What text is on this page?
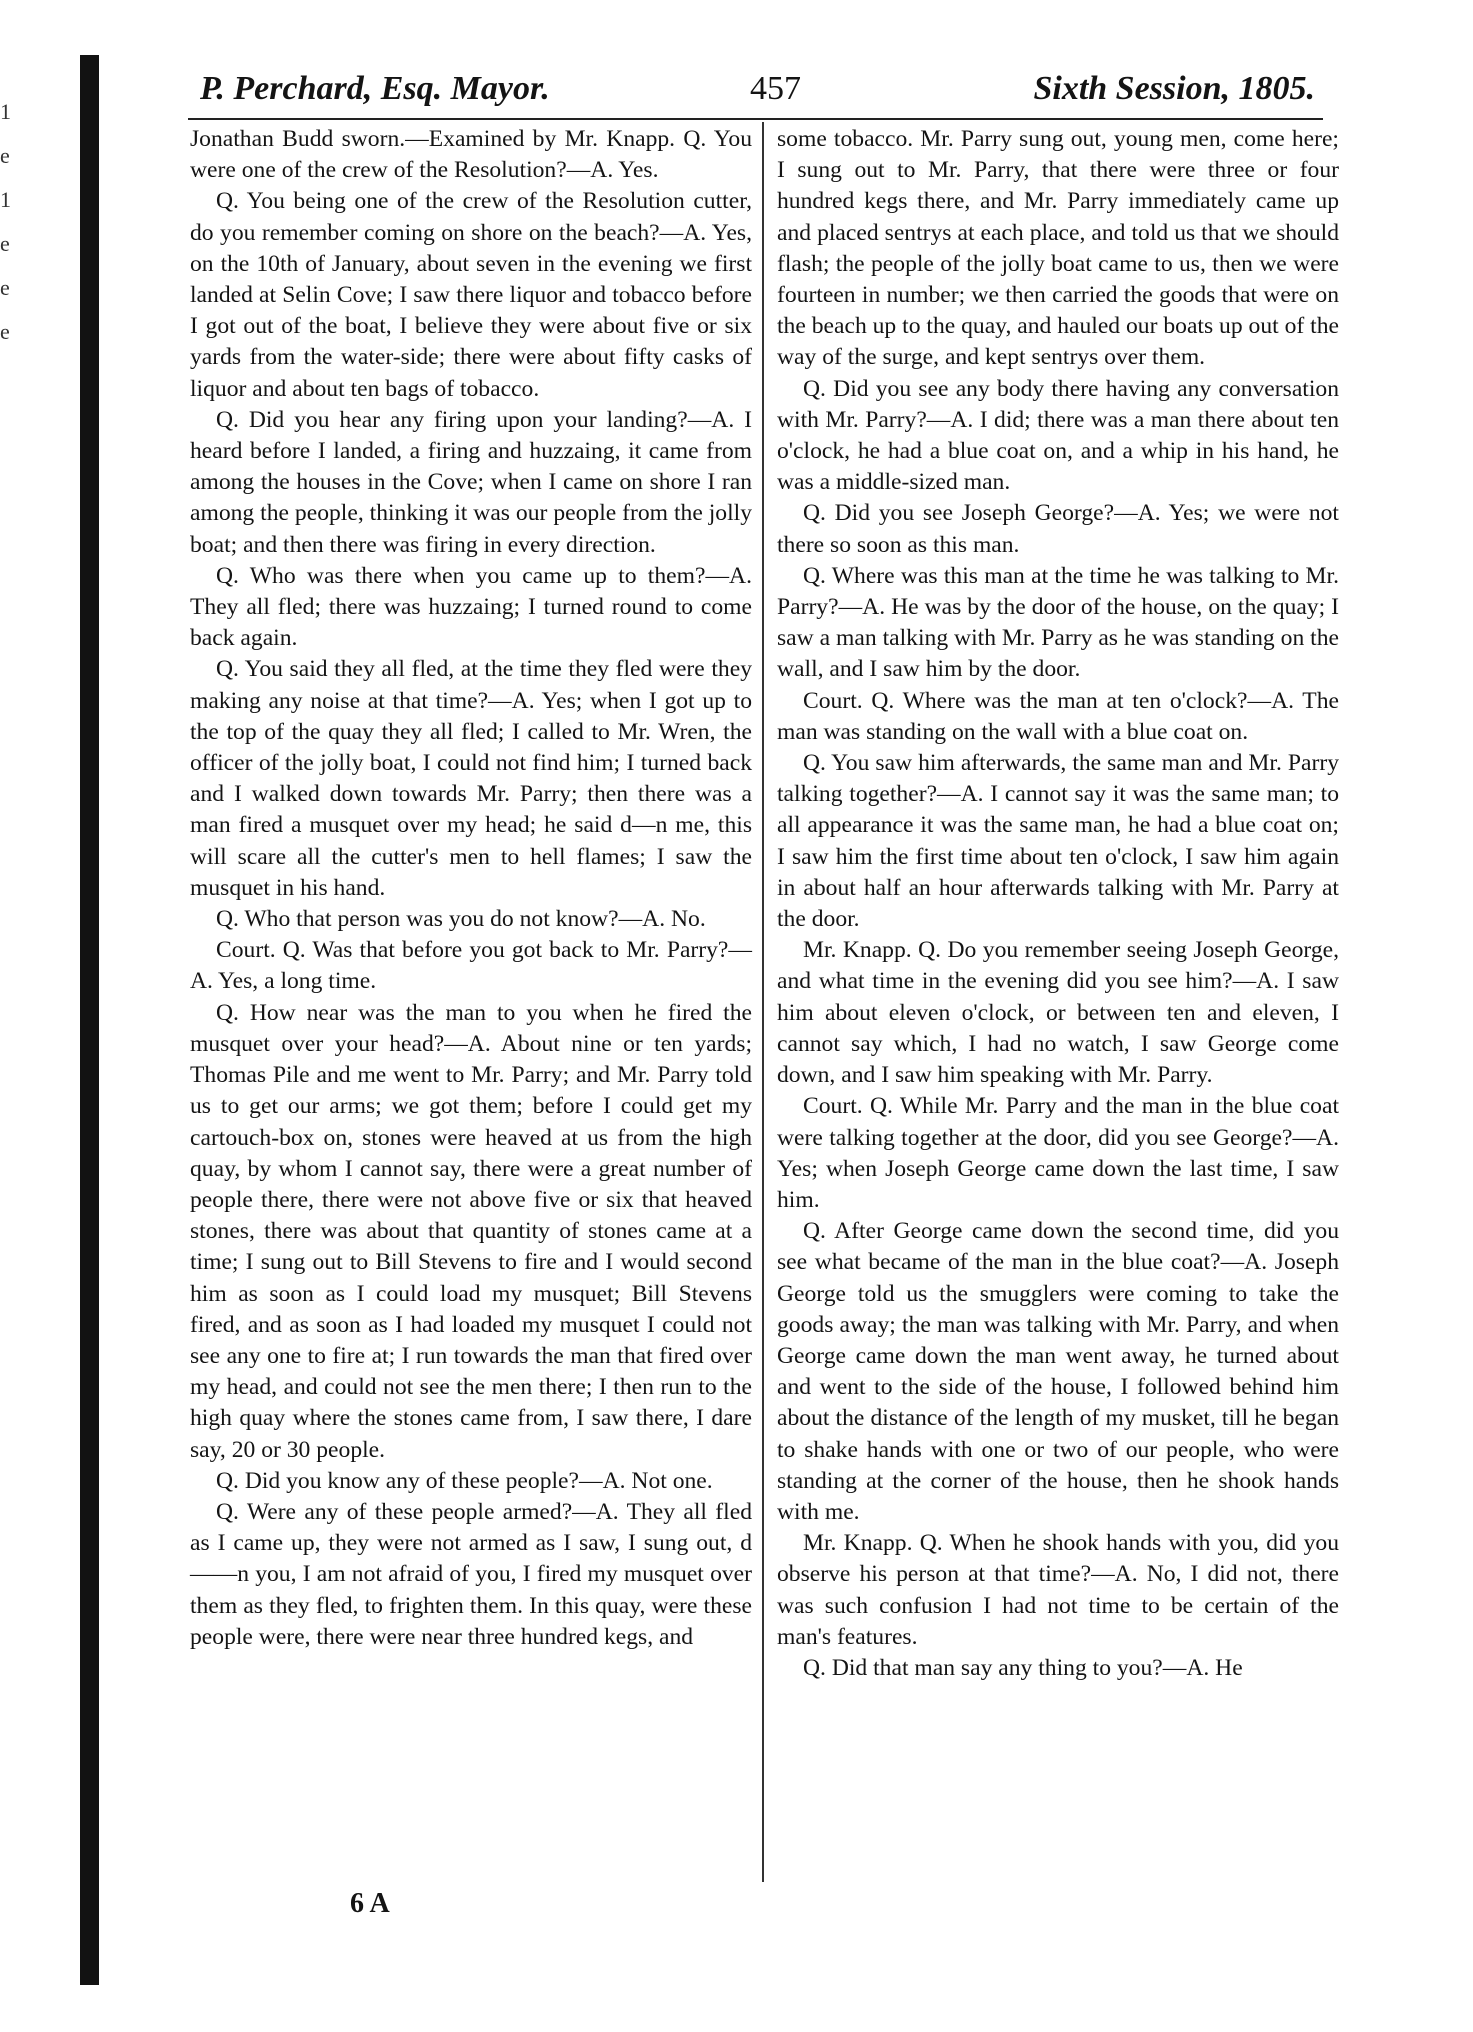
1
e
1
e
e
e
P. Perchard, Esq. Mayor.	457	Sixth Session, 1805.

Jonathan Budd sworn.—Examined by Mr. Knapp. Q. You were one of the crew of the Resolution?—A. Yes.

Q. You being one of the crew of the Resolution cutter, do you remember coming on shore on the beach?—A. Yes, on the 10th of January, about seven in the evening we first landed at Selin Cove; I saw there liquor and tobacco before I got out of the boat, I believe they were about five or six yards from the water-side; there were about fifty casks of liquor and about ten bags of tobacco.

Q. Did you hear any firing upon your landing?—A. I heard before I landed, a firing and huzzaing, it came from among the houses in the Cove; when I came on shore I ran among the people, thinking it was our people from the jolly boat; and then there was firing in every direction.

Q. Who was there when you came up to them?—A. They all fled; there was huzzaing; I turned round to come back again.

Q. You said they all fled, at the time they fled were they making any noise at that time?—A. Yes; when I got up to the top of the quay they all fled; I called to Mr. Wren, the officer of the jolly boat, I could not find him; I turned back and I walked down towards Mr. Parry; then there was a man fired a musquet over my head; he said d—n me, this will scare all the cutter's men to hell flames; I saw the musquet in his hand.

Q. Who that person was you do not know?—A. No.

Court. Q. Was that before you got back to Mr. Parry?—A. Yes, a long time.

Q. How near was the man to you when he fired the musquet over your head?—A. About nine or ten yards; Thomas Pile and me went to Mr. Parry; and Mr. Parry told us to get our arms; we got them; before I could get my cartouch-box on, stones were heaved at us from the high quay, by whom I cannot say, there were a great number of people there, there were not above five or six that heaved stones, there was about that quantity of stones came at a time; I sung out to Bill Stevens to fire and I would second him as soon as I could load my musquet; Bill Stevens fired, and as soon as I had loaded my musquet I could not see any one to fire at; I run towards the man that fired over my head, and could not see the men there; I then run to the high quay where the stones came from, I saw there, I dare say, 20 or 30 people.

Q. Did you know any of these people?—A. Not one.

Q. Were any of these people armed?—A. They all fled as I came up, they were not armed as I saw, I sung out, d——n you, I am not afraid of you, I fired my musquet over them as they fled, to frighten them. In this quay, were these people were, there were near three hundred kegs, and

some tobacco. Mr. Parry sung out, young men, come here; I sung out to Mr. Parry, that there were three or four hundred kegs there, and Mr. Parry immediately came up and placed sentrys at each place, and told us that we should flash; the people of the jolly boat came to us, then we were fourteen in number; we then carried the goods that were on the beach up to the quay, and hauled our boats up out of the way of the surge, and kept sentrys over them.

Q. Did you see any body there having any conversation with Mr. Parry?—A. I did; there was a man there about ten o'clock, he had a blue coat on, and a whip in his hand, he was a middle-sized man.

Q. Did you see Joseph George?—A. Yes; we were not there so soon as this man.

Q. Where was this man at the time he was talking to Mr. Parry?—A. He was by the door of the house, on the quay; I saw a man talking with Mr. Parry as he was standing on the wall, and I saw him by the door.

Court. Q. Where was the man at ten o'clock?—A. The man was standing on the wall with a blue coat on.

Q. You saw him afterwards, the same man and Mr. Parry talking together?—A. I cannot say it was the same man; to all appearance it was the same man, he had a blue coat on; I saw him the first time about ten o'clock, I saw him again in about half an hour afterwards talking with Mr. Parry at the door.

Mr. Knapp. Q. Do you remember seeing Joseph George, and what time in the evening did you see him?—A. I saw him about eleven o'clock, or between ten and eleven, I cannot say which, I had no watch, I saw George come down, and I saw him speaking with Mr. Parry.

Court. Q. While Mr. Parry and the man in the blue coat were talking together at the door, did you see George?—A. Yes; when Joseph George came down the last time, I saw him.

Q. After George came down the second time, did you see what became of the man in the blue coat?—A. Joseph George told us the smugglers were coming to take the goods away; the man was talking with Mr. Parry, and when George came down the man went away, he turned about and went to the side of the house, I followed behind him about the distance of the length of my musket, till he began to shake hands with one or two of our people, who were standing at the corner of the house, then he shook hands with me.

Mr. Knapp. Q. When he shook hands with you, did you observe his person at that time?—A. No, I did not, there was such confusion I had not time to be certain of the man's features.

Q. Did that man say any thing to you?—A. He

6 A
